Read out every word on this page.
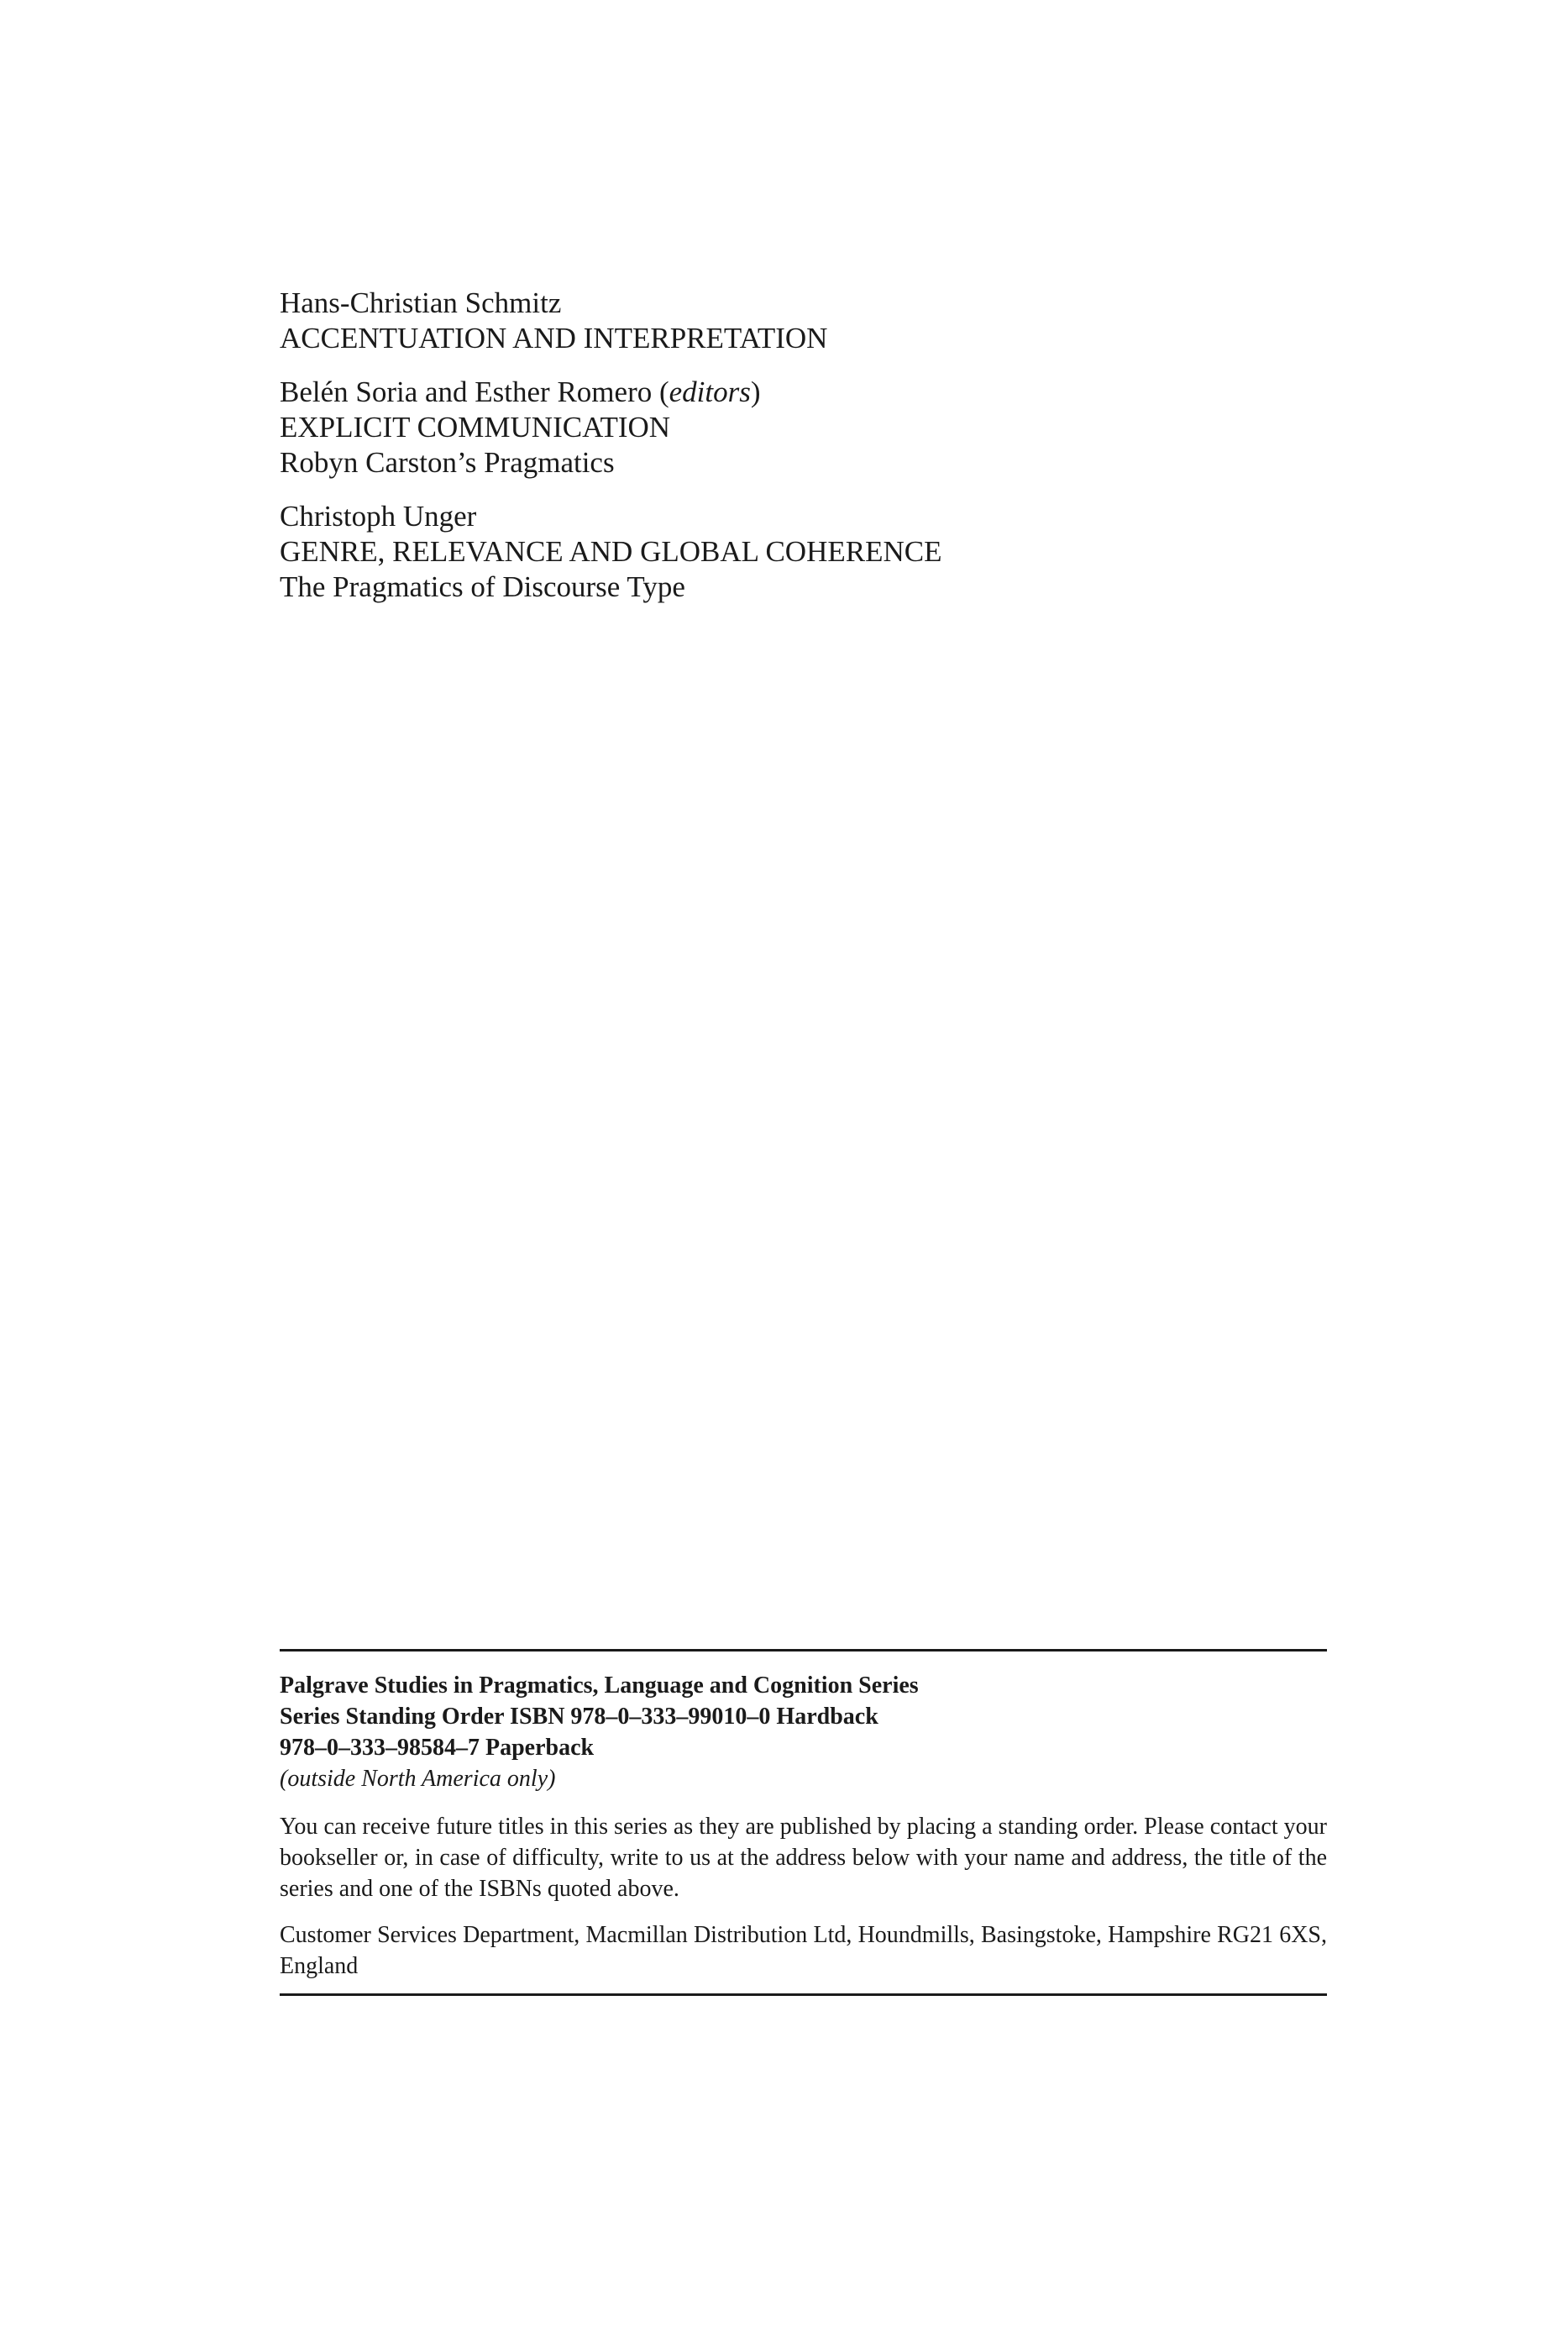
Hans-Christian Schmitz
ACCENTUATION AND INTERPRETATION
Belén Soria and Esther Romero (editors)
EXPLICIT COMMUNICATION
Robyn Carston’s Pragmatics
Christoph Unger
GENRE, RELEVANCE AND GLOBAL COHERENCE
The Pragmatics of Discourse Type
Palgrave Studies in Pragmatics, Language and Cognition Series
Series Standing Order ISBN 978–0–333–99010–0 Hardback
978–0–333–98584–7 Paperback
(outside North America only)
You can receive future titles in this series as they are published by placing a standing order. Please contact your bookseller or, in case of difficulty, write to us at the address below with your name and address, the title of the series and one of the ISBNs quoted above.
Customer Services Department, Macmillan Distribution Ltd, Houndmills, Basingstoke, Hampshire RG21 6XS, England
